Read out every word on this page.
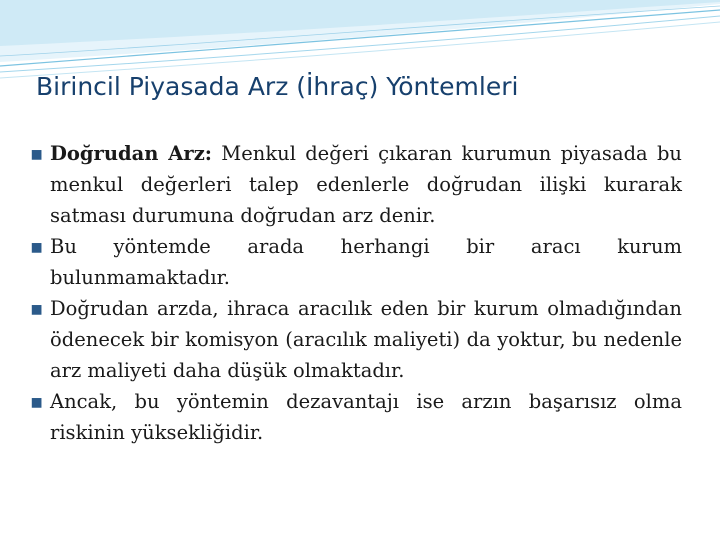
Birincil Piyasada Arz (İhraç) Yöntemleri
▪ Doğrudan Arz: Menkul değeri çıkaran kurumun piyasada bu menkul değerleri talep edenlerle doğrudan ilişki kurarak satması durumuna doğrudan arz denir.
▪ Bu yöntemde arada herhangi bir aracı kurum bulunmamaktadır.
▪ Doğrudan arzda, ihraca aracılık eden bir kurum olmadığından ödenecek bir komisyon (aracılık maliyeti) da yoktur, bu nedenle arz maliyeti daha düşük olmaktadır.
▪ Ancak, bu yöntemin dezavantajı ise arzın başarısız olma riskinin yüksekliğidir.
